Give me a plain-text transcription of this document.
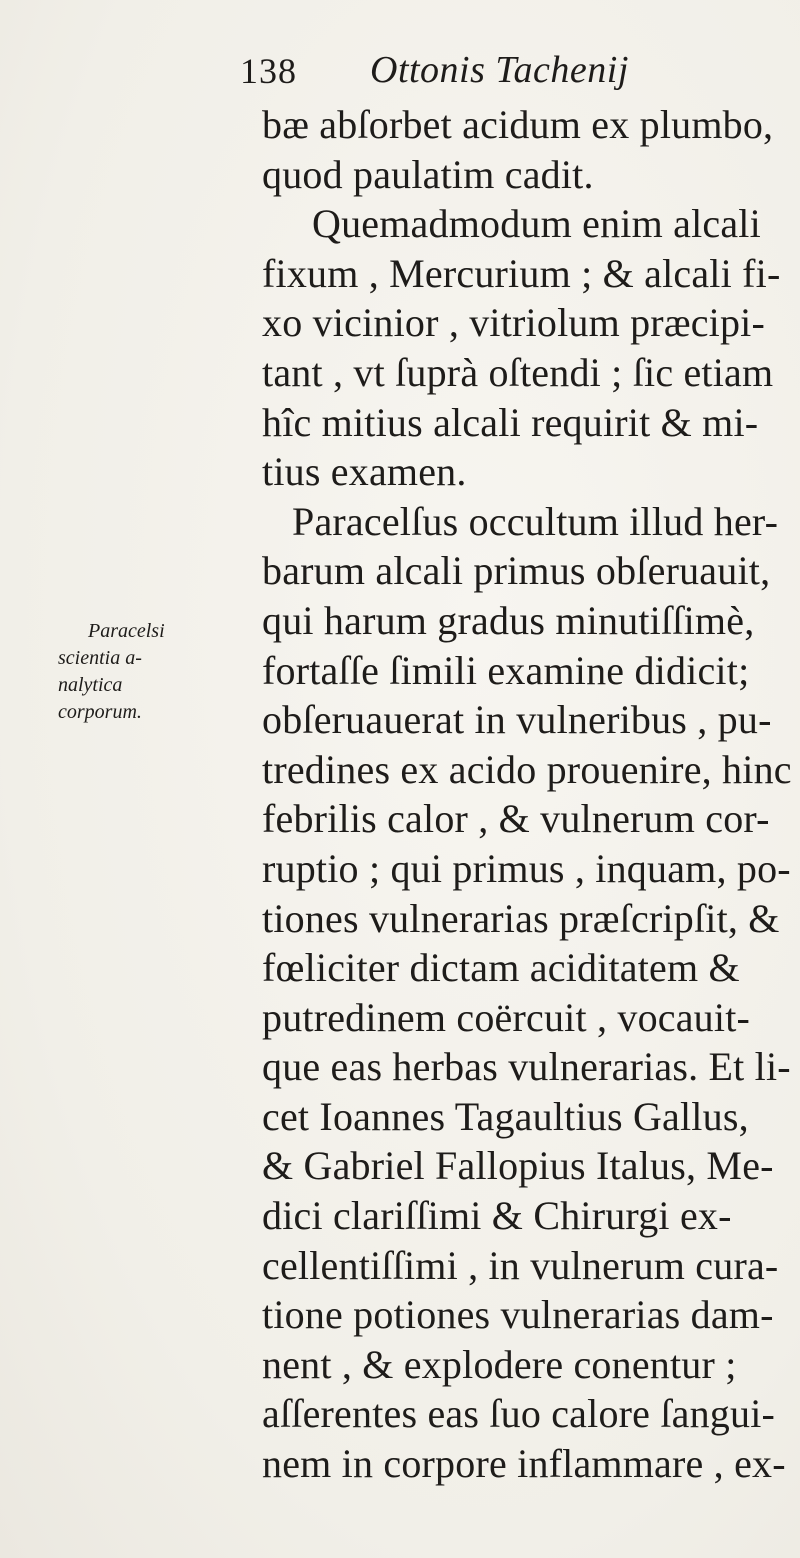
138 Ottonis Tachenij
Paracelsi
scientia a-
nalytica
corporum.
bæ abſorbet acidum ex plumbo,
quod paulatim cadit.
Quemadmodum enim alcali
fixum , Mercurium ; & alcali fi-
xo vicinior , vitriolum præcipi-
tant , vt ſuprà oſtendi ; ſic etiam
hîc mitius alcali requirit & mi-
tius examen.
Paracelſus occultum illud her-
barum alcali primus obſeruauit,
qui harum gradus minutiſſimè,
fortaſſe ſimili examine didicit;
obſeruauerat in vulneribus , pu-
tredines ex acido prouenire, hinc
febrilis calor , & vulnerum cor-
ruptio ; qui primus , inquam, po-
tiones vulnerarias præſcripſit, &
fœliciter dictam aciditatem &
putredinem coërcuit , vocauit-
que eas herbas vulnerarias. Et li-
cet Ioannes Tagaultius Gallus,
& Gabriel Fallopius Italus, Me-
dici clariſſimi & Chirurgi ex-
cellentiſſimi , in vulnerum cura-
tione potiones vulnerarias dam-
nent , & explodere conentur ;
aſſerentes eas ſuo calore ſangui-
nem in corpore inflammare , ex-
